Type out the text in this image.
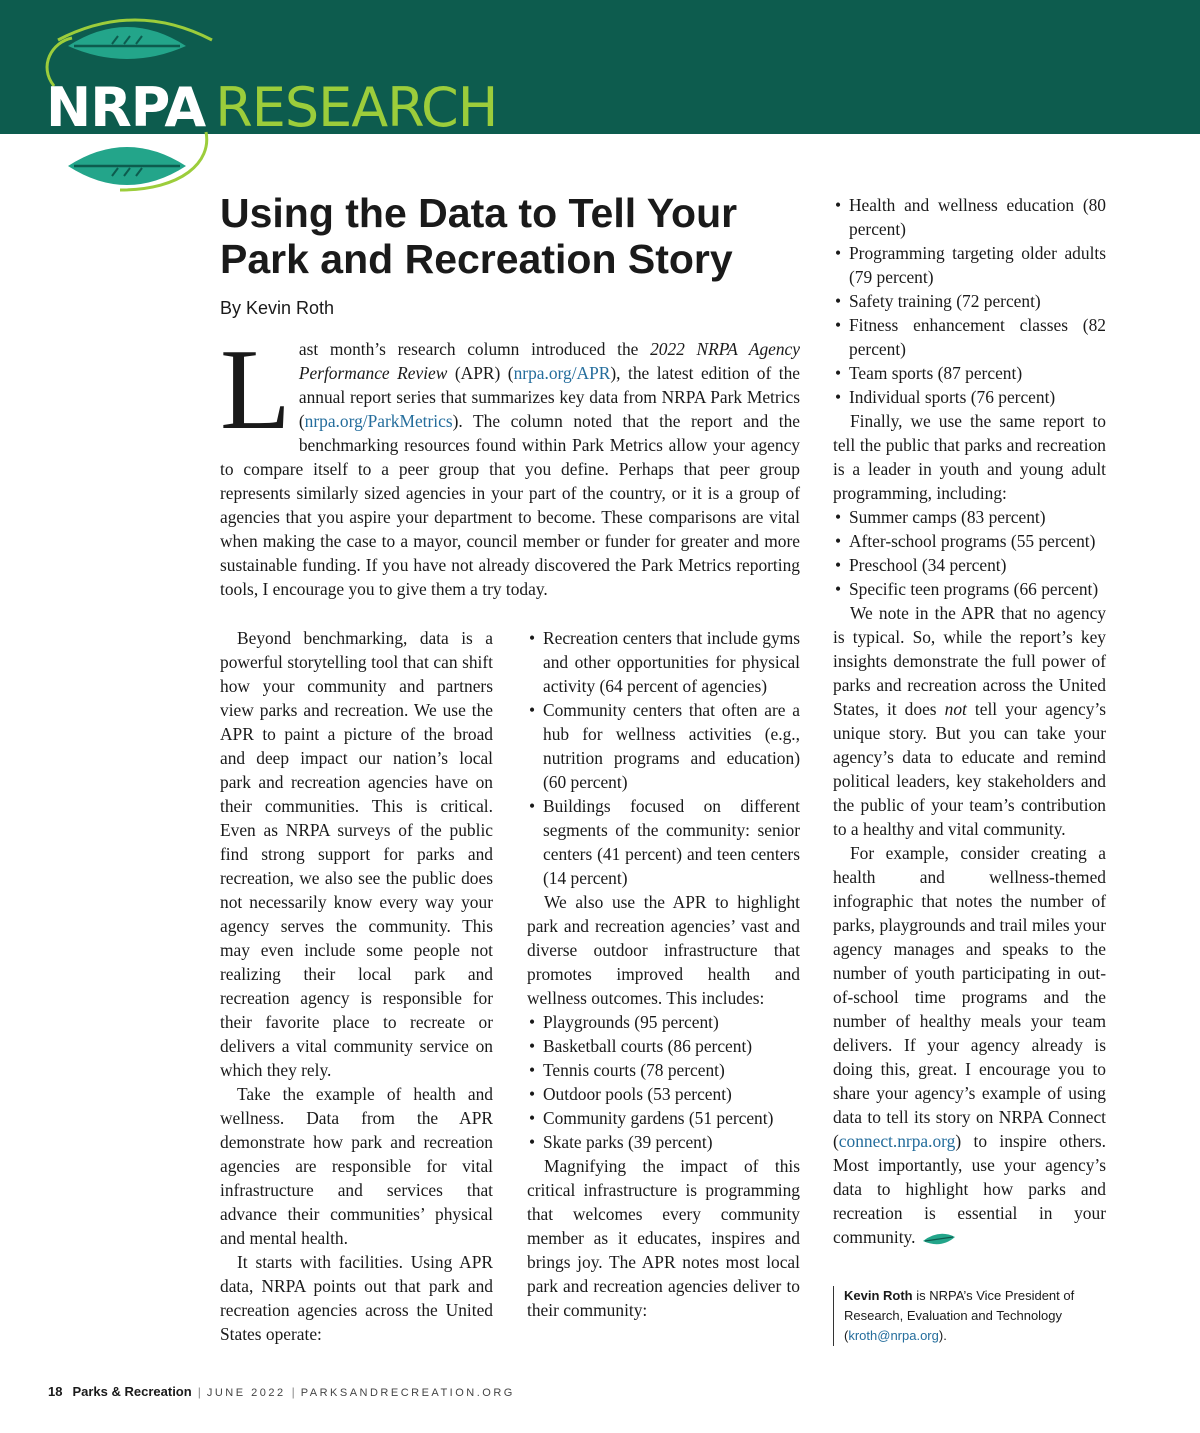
NRPA RESEARCH
Using the Data to Tell Your Park and Recreation Story
By Kevin Roth

Last month’s research column introduced the 2022 NRPA Agency Performance Review (APR) (nrpa.org/APR), the latest edition of the annual report series that summarizes key data from NRPA Park Metrics (nrpa.org/ParkMetrics). The column noted that the report and the benchmarking resources found within Park Metrics allow your agency to compare itself to a peer group that you define. Perhaps that peer group represents similarly sized agencies in your part of the country, or it is a group of agencies that you aspire your department to become. These comparisons are vital when making the case to a mayor, council member or funder for greater and more sustainable funding. If you have not already discovered the Park Metrics reporting tools, I encourage you to give them a try today.

Beyond benchmarking, data is a powerful storytelling tool that can shift how your community and partners view parks and recreation. We use the APR to paint a picture of the broad and deep impact our nation’s local park and recreation agencies have on their communities. This is critical. Even as NRPA surveys of the public find strong support for parks and recreation, we also see the public does not necessarily know every way your agency serves the community. This may even include some people not realizing their local park and recreation agency is responsible for their favorite place to recreate or delivers a vital community service on which they rely.

Take the example of health and wellness. Data from the APR demonstrate how park and recreation agencies are responsible for vital infrastructure and services that advance their communities’ physical and mental health.

It starts with facilities. Using APR data, NRPA points out that park and recreation agencies across the United States operate:

• Recreation centers that include gyms and other opportunities for physical activity (64 percent of agencies)
• Community centers that often are a hub for wellness activities (e.g., nutrition programs and education) (60 percent)
• Buildings focused on different segments of the community: senior centers (41 percent) and teen centers (14 percent)

We also use the APR to highlight park and recreation agencies’ vast and diverse outdoor infrastructure that promotes improved health and wellness outcomes. This includes:

• Playgrounds (95 percent)
• Basketball courts (86 percent)
• Tennis courts (78 percent)
• Outdoor pools (53 percent)
• Community gardens (51 percent)
• Skate parks (39 percent)

Magnifying the impact of this critical infrastructure is programming that welcomes every community member as it educates, inspires and brings joy. The APR notes most local park and recreation agencies deliver to their community:

• Health and wellness education (80 percent)
• Programming targeting older adults (79 percent)
• Safety training (72 percent)
• Fitness enhancement classes (82 percent)
• Team sports (87 percent)
• Individual sports (76 percent)

Finally, we use the same report to tell the public that parks and recreation is a leader in youth and young adult programming, including:

• Summer camps (83 percent)
• After-school programs (55 percent)
• Preschool (34 percent)
• Specific teen programs (66 percent)

We note in the APR that no agency is typical. So, while the report’s key insights demonstrate the full power of parks and recreation across the United States, it does not tell your agency’s unique story. But you can take your agency’s data to educate and remind political leaders, key stakeholders and the public of your team’s contribution to a healthy and vital community.

For example, consider creating a health and wellness-themed infographic that notes the number of parks, playgrounds and trail miles your agency manages and speaks to the number of youth participating in out-of-school time programs and the number of healthy meals your team delivers. If your agency already is doing this, great. I encourage you to share your agency’s example of using data to tell its story on NRPA Connect (connect.nrpa.org) to inspire others. Most importantly, use your agency’s data to highlight how parks and recreation is essential in your community.

Kevin Roth is NRPA’s Vice President of Research, Evaluation and Technology (kroth@nrpa.org).
18 Parks & Recreation | JUNE 2022 | PARKSANDRECREATION.ORG
